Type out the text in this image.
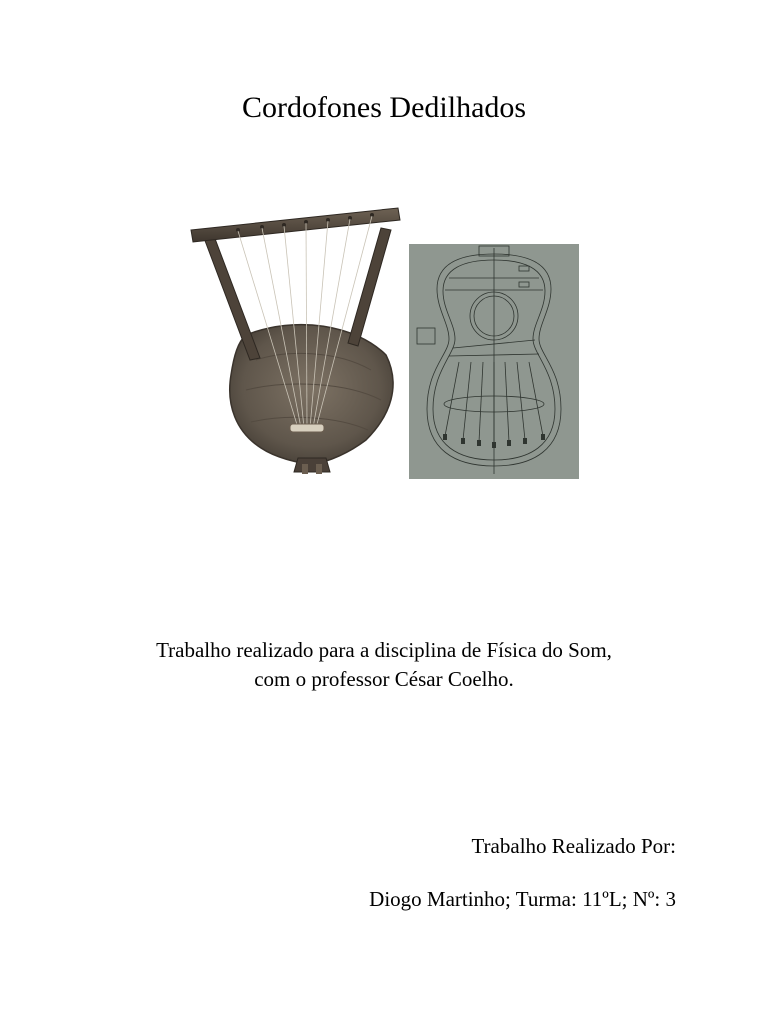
Cordofones Dedilhados
Trabalho realizado para a disciplina de Física do Som,
com o professor César Coelho.
Trabalho Realizado Por:
Diogo Martinho; Turma: 11ºL; Nº: 3
